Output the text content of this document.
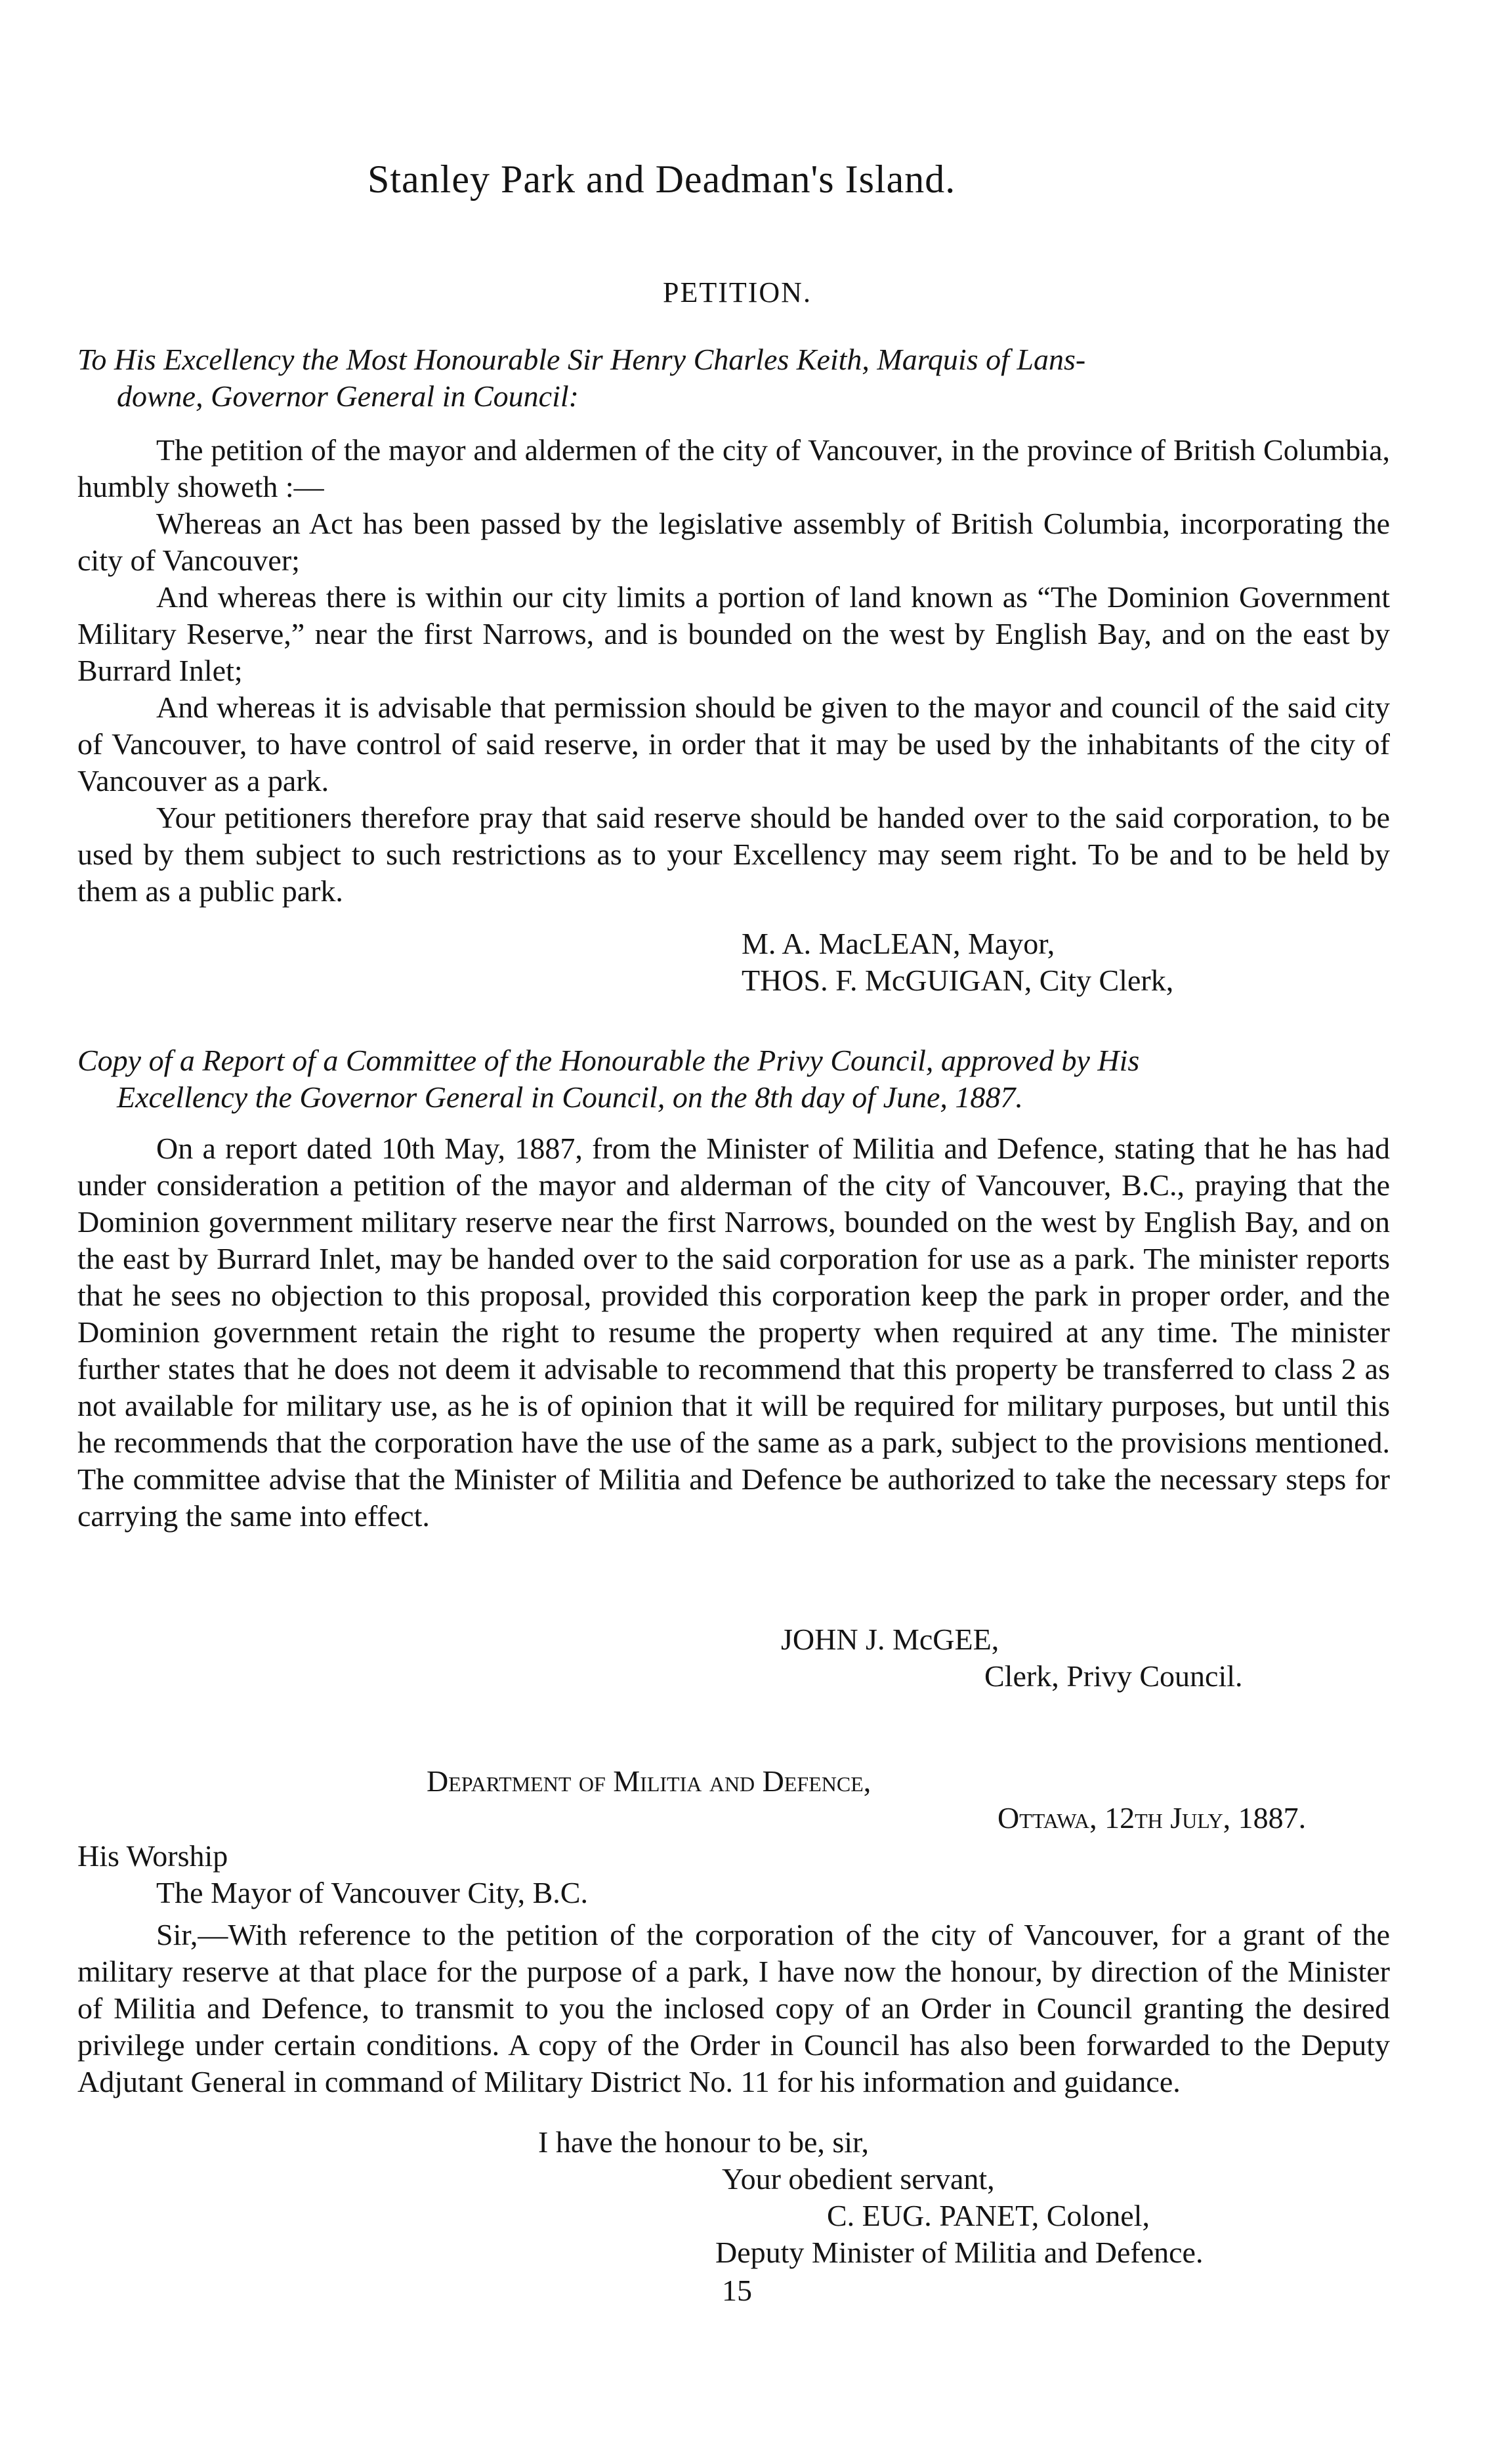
Stanley Park and Deadman's Island.
PETITION.
To His Excellency the Most Honourable Sir Henry Charles Keith, Marquis of Lans-
downe, Governor General in Council:

The petition of the mayor and aldermen of the city of Vancouver, in the province of British Columbia, humbly showeth :—

Whereas an Act has been passed by the legislative assembly of British Columbia, incorporating the city of Vancouver;

And whereas there is within our city limits a portion of land known as “The Dominion Government Military Reserve,” near the first Narrows, and is bounded on the west by English Bay, and on the east by Burrard Inlet;

And whereas it is advisable that permission should be given to the mayor and council of the said city of Vancouver, to have control of said reserve, in order that it may be used by the inhabitants of the city of Vancouver as a park.

Your petitioners therefore pray that said reserve should be handed over to the said corporation, to be used by them subject to such restrictions as to your Excellency may seem right. To be and to be held by them as a public park.

M. A. MacLEAN, Mayor,
THOS. F. McGUIGAN, City Clerk,
Copy of a Report of a Committee of the Honourable the Privy Council, approved by His
Excellency the Governor General in Council, on the 8th day of June, 1887.

On a report dated 10th May, 1887, from the Minister of Militia and Defence, stating that he has had under consideration a petition of the mayor and alderman of the city of Vancouver, B.C., praying that the Dominion government military reserve near the first Narrows, bounded on the west by English Bay, and on the east by Burrard Inlet, may be handed over to the said corporation for use as a park. The minister reports that he sees no objection to this proposal, provided this corporation keep the park in proper order, and the Dominion government retain the right to resume the property when required at any time. The minister further states that he does not deem it advisable to recommend that this property be transferred to class 2 as not available for military use, as he is of opinion that it will be required for military purposes, but until this he recommends that the corporation have the use of the same as a park, subject to the provisions mentioned. The committee advise that the Minister of Militia and Defence be authorized to take the necessary steps for carrying the same into effect.

JOHN J. McGEE,
Clerk, Privy Council.
Department of Militia and Defence,
Ottawa, 12th July, 1887.
His Worship
The Mayor of Vancouver City, B.C.

Sir,—With reference to the petition of the corporation of the city of Vancouver, for a grant of the military reserve at that place for the purpose of a park, I have now the honour, by direction of the Minister of Militia and Defence, to transmit to you the inclosed copy of an Order in Council granting the desired privilege under certain conditions. A copy of the Order in Council has also been forwarded to the Deputy Adjutant General in command of Military District No. 11 for his information and guidance.

I have the honour to be, sir,
Your obedient servant,
C. EUG. PANET, Colonel,
Deputy Minister of Militia and Defence.
15
